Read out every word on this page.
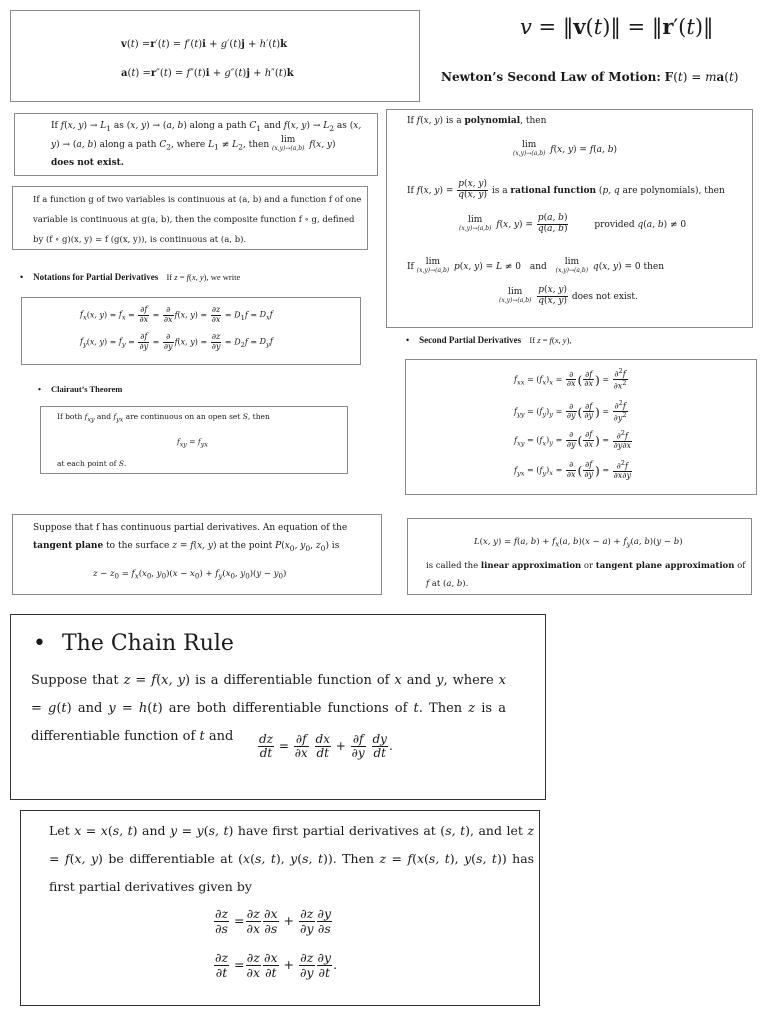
v(t) =r′(t) = f′(t)i + g′(t)j + h′(t)k
a(t) =r″(t) = f″(t)i + g″(t)j + h″(t)k
v = ‖v(t)‖ = ‖r′(t)‖
Newton’s Second Law of Motion: F(t) = ma(t)
If f(x, $y) \to L_1$ as (x, y) → (a, b) along a path $C_1$ and f(x, $y) \to L_2$ as (x, y) → (a, b) along a path $C_2$, where $L_1 \ne L_2$, then	lim
(x,y)→(a,b) f(x, y)
does not exist.
If a function g of two variables is continuous at (a, b) and a function f of one variable is continuous at g(a, b), then the composite function f ∘ g, defined by (f ∘ g)(x, y) = f (g(x, y)), is continuous at (a, b).
• Notations for Partial Derivatives If z = f(x, y), we write
$f_x(x$, $y) = f_x = \frac{\partial f}{\partial x}$ =
∂
∂x f(x, $y) = \frac{\partial z}{\partial x} = D_1f = D_xf$
$f_y(x$, $y) = f_y = \frac{\partial f}{\partial y}$ =
∂
∂y f(x, $y) = \frac{\partial z}{\partial y} = D_2f = D_yf$
• Clairaut’s Theorem
If both $f_{xy}$ and $f_{yx}$ are continuous on an open set S, then
$f_{xy} = f_{yx}$
at each point of S.
If f(x, y) is a polynomial, then
lim
(x,y)→(a,b) f(x, y) = f(a, b)
If f(x, $y) = \frac{p(x, y)}{q(x, y)}$ is a rational function (p, q are polynomials), then
lim
(x,y)→(a,b) f(x, $y) = \frac{p(a, b)}{q(a, b)}$	provided q(a, b) ≠ 0
If	lim
(x,y)→(a,b) p(x, y) = L ≠ 0 and	lim
(x,y)→(a,b) q(x, y) = 0 then
lim
(x,y)→(a,b)
$\frac{p(x, y)}{q(x, y)}$ does not exist.
• Second Partial Derivatives If z = f(x, y),
$f_{xx} = (f_x)_x$ =
∂
∂x ( $\frac{\partial f}{\partial x}$ ) = $\frac{\partial^2f}{\partial x^2}$
$f_{yy} = (f_y)_y$ =
∂
∂y ( $\frac{\partial f}{\partial y}$ ) = $\frac{\partial^2f}{\partial y^2}$
$f_{xy} = (f_x)_y$ =
∂
∂y ( $\frac{\partial f}{\partial x}$ ) = $\frac{\partial^2f}{\partial y\partial x}$
$f_{yx} = (f_y)_x$ =
∂
∂x ( $\frac{\partial f}{\partial y}$ ) = $\frac{\partial^2f}{\partial x\partial y}$
Suppose that f has continuous partial derivatives. An equation of the tangent plane to the surface z = f(x, y) at the point $P(x_0$, $y_0$, $z_0$) is
$z - z_0 = f_x(x_0$, $y_0)(x - x_0) + f_y(x_0$, $y_0)(y - y_0)$
L(x, y) = f(a, $b) + f_x(a$, $b)(x - a) + f_y(a$, b)(y − b)
is called the linear approximation or tangent plane approximation of
f at (a, b).
• The Chain Rule
Suppose that z = f(x, y) is a differentiable function of x and y, where x = g(t) and y = h(t) are both differentiable functions of t. Then z is a differentiable function of t and	$\frac{dz}{dt} = \frac{\partial f}{\partial x}$
$\frac{dx}{dt} + \frac{\partial f}{\partial y}$
$\frac{dy}{dt}$ .
Let x = x(s, t) and y = y(s, t) have first partial derivatives at (s, t), and let z = f(x, y) be differentiable at (x(s, t), y(s, t)). Then z = f(x(s, t), y(s, t)) has first partial derivatives given by
$\frac{\partial z}{\partial s} = \frac{\partial z}{\partial x} \frac{\partial x}{\partial s} + \frac{\partial z}{\partial y} \frac{\partial y}{\partial s}$
$\frac{\partial z}{\partial t} = \frac{\partial z}{\partial x} \frac{\partial x}{\partial t} + \frac{\partial z}{\partial y} \frac{\partial y}{\partial t}$ .
